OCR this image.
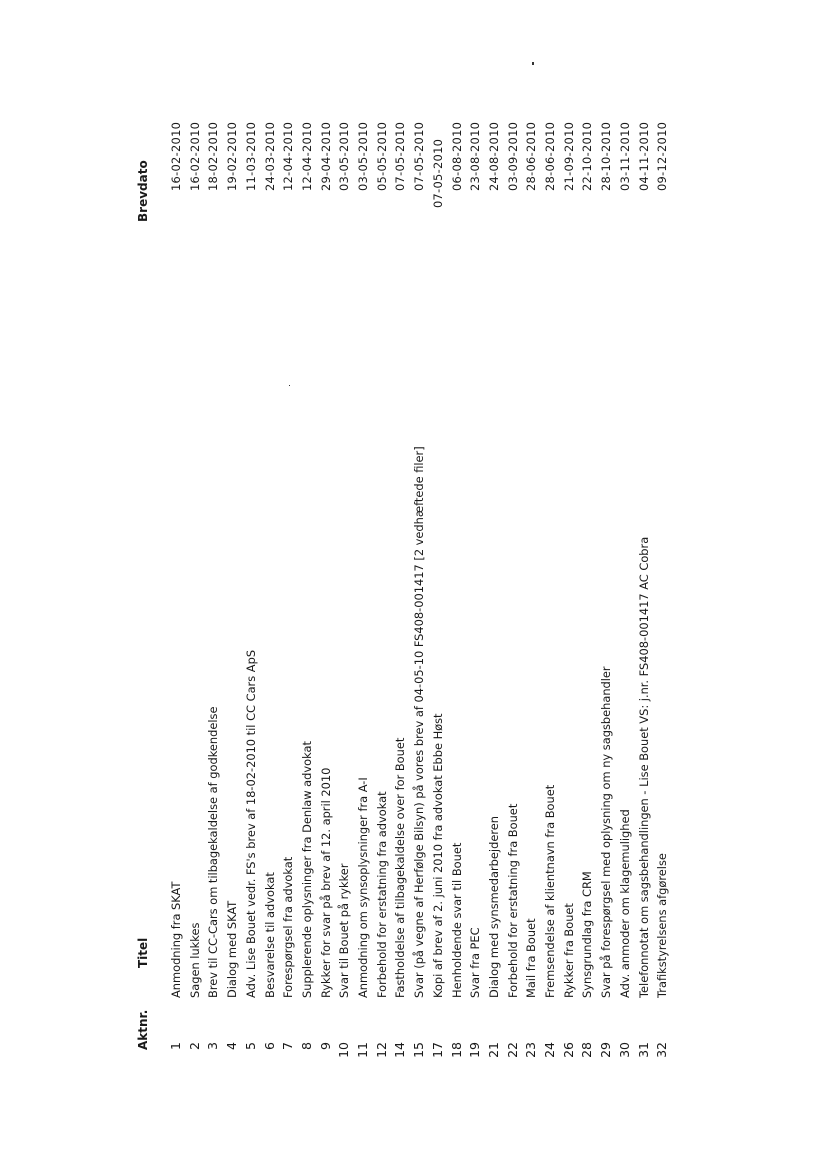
Aktnr.
Titel
Brevdato
1
Anmodning fra SKAT
16-02-2010
2
Sagen lukkes
16-02-2010
3
Brev til CC-Cars om tilbagekaldelse af godkendelse
18-02-2010
4
Dialog med SKAT
19-02-2010
5
Adv. Lise Bouet vedr. FS's brev af 18-02-2010 til CC Cars ApS
11-03-2010
6
Besvarelse til advokat
24-03-2010
7
Forespørgsel fra advokat
12-04-2010
8
Supplerende oplysninger fra Denlaw advokat
12-04-2010
9
Rykker for svar på brev af 12. april 2010
29-04-2010
10
Svar til Bouet på rykker
03-05-2010
11
Anmodning om synsoplysninger fra A-I
03-05-2010
12
Forbehold for erstatning fra advokat
05-05-2010
14
Fastholdelse af tilbagekaldelse over for Bouet
07-05-2010
15
Svar (på vegne af Herfølge Bilsyn) på vores brev af 04-05-10 FS408-001417 [2 vedhæftede filer]
07-05-2010
17
Kopi af brev af 2. juni 2010 fra advokat Ebbe Høst
07-05-2010
18
Henholdende svar til Bouet
06-08-2010
19
Svar fra PEC
23-08-2010
21
Dialog med synsmedarbejderen
24-08-2010
22
Forbehold for erstatning fra Bouet
03-09-2010
23
Mail fra Bouet
28-06-2010
24
Fremsendelse af klientnavn fra Bouet
28-06-2010
26
Rykker fra Bouet
21-09-2010
28
Synsgrundlag fra CRM
22-10-2010
29
Svar på forespørgsel med oplysning om ny sagsbehandler
28-10-2010
30
Adv. anmoder om klagemulighed
03-11-2010
31
Telefonnotat om sagsbehandlingen - Lise Bouet VS: j.nr. FS408-001417 AC Cobra
04-11-2010
32
Trafikstyrelsens afgørelse
09-12-2010
